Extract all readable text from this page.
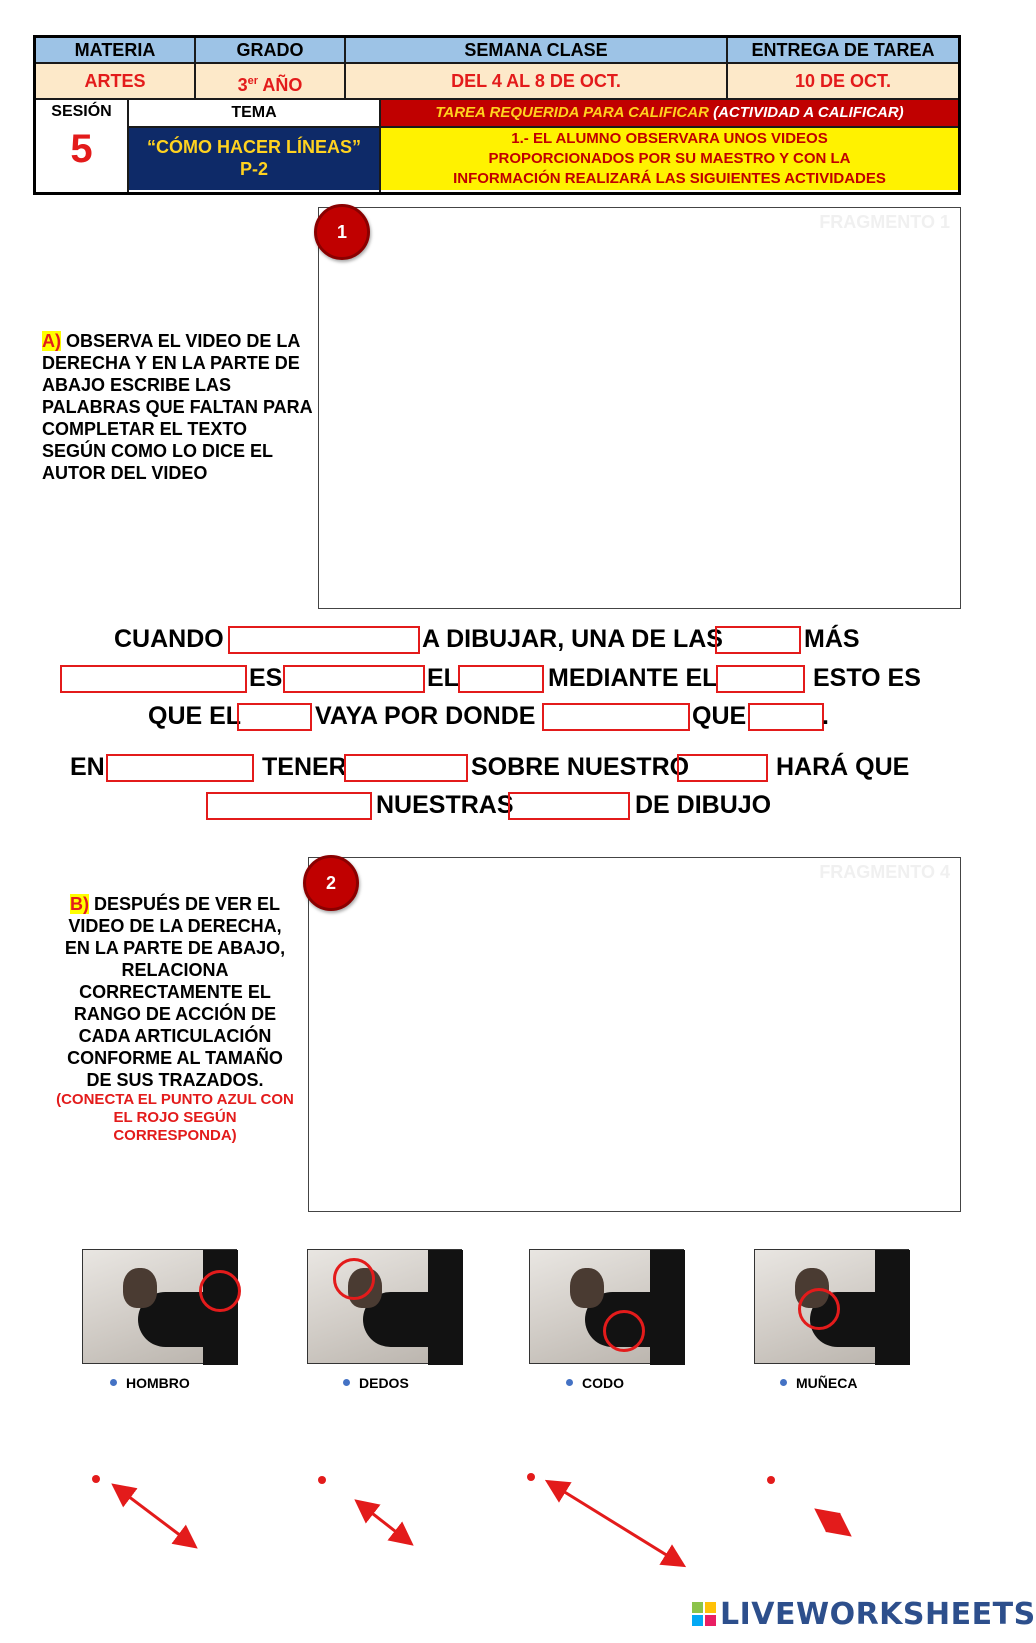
MATERIA	GRADO	SEMANA CLASE	ENTREGA DE TAREA
ARTES	3er AÑO	DEL 4 AL 8 DE OCT.	10 DE OCT.
SESIÓN
5
TEMA
“CÓMO HACER LÍNEAS”
P-2
TAREA REQUERIDA PARA CALIFICAR (ACTIVIDAD A CALIFICAR)
1.- EL ALUMNO OBSERVARA UNOS VIDEOS
PROPORCIONADOS POR SU MAESTRO Y CON LA
INFORMACIÓN REALIZARÁ LAS SIGUIENTES ACTIVIDADES
A) OBSERVA EL VIDEO DE LA DERECHA Y EN LA PARTE DE ABAJO ESCRIBE LAS PALABRAS QUE FALTAN PARA COMPLETAR EL TEXTO SEGÚN COMO LO DICE EL AUTOR DEL VIDEO
FRAGMENTO 1
1
CUANDO	A DIBUJAR, UNA DE LAS	MÁS
ES	EL	MEDIANTE EL	ESTO ES
QUE EL	VAYA POR DONDE	QUE	.
EN	TENER	SOBRE NUESTRO	HARÁ QUE
NUESTRAS	DE DIBUJO
B) DESPUÉS DE VER EL VIDEO DE LA DERECHA, EN LA PARTE DE ABAJO, RELACIONA CORRECTAMENTE EL RANGO DE ACCIÓN DE CADA ARTICULACIÓN CONFORME AL TAMAÑO DE SUS TRAZADOS.
(CONECTA EL PUNTO AZUL CON EL ROJO SEGÚN CORRESPONDA)
FRAGMENTO 4
2
HOMBRO	DEDOS	CODO	MUÑECA
LIVEWORKSHEETS
